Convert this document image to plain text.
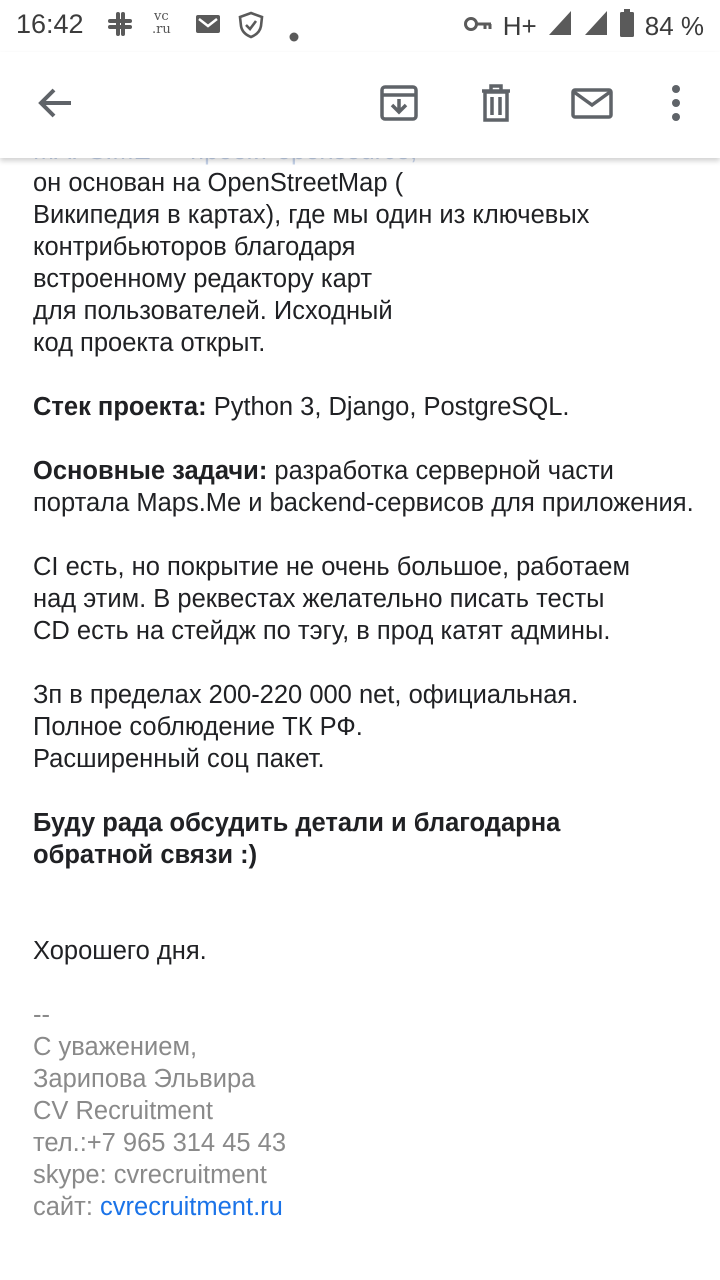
16:42	vc
.ru	H+	84 %

он основан на OpenStreetMap (

Википедия в картах), где мы один из ключевых

контрибьюторов благодаря

встроенному редактору карт

для пользователей. Исходный

код проекта открыт.

Стек проекта: Python 3, Django, PostgreSQL.

Основные задачи: разработка серверной части портала Maps.Me и backend-сервисов для приложения.

CI есть, но покрытие не очень большое, работаем

над этим. В реквестах желательно писать тесты

CD есть на стейдж по тэгу, в прод катят админы.

Зп в пределах 200-220 000 net, официальная.

Полное соблюдение ТК РФ.

Расширенный соц пакет.

Буду рада обсудить детали и благодарна

обратной связи :)

Хорошего дня.

--

С уважением,

Зарипова Эльвира

CV Recruitment

тел.:+7 965 314 45 43

skype: cvrecruitment

сайт: cvrecruitment.ru
